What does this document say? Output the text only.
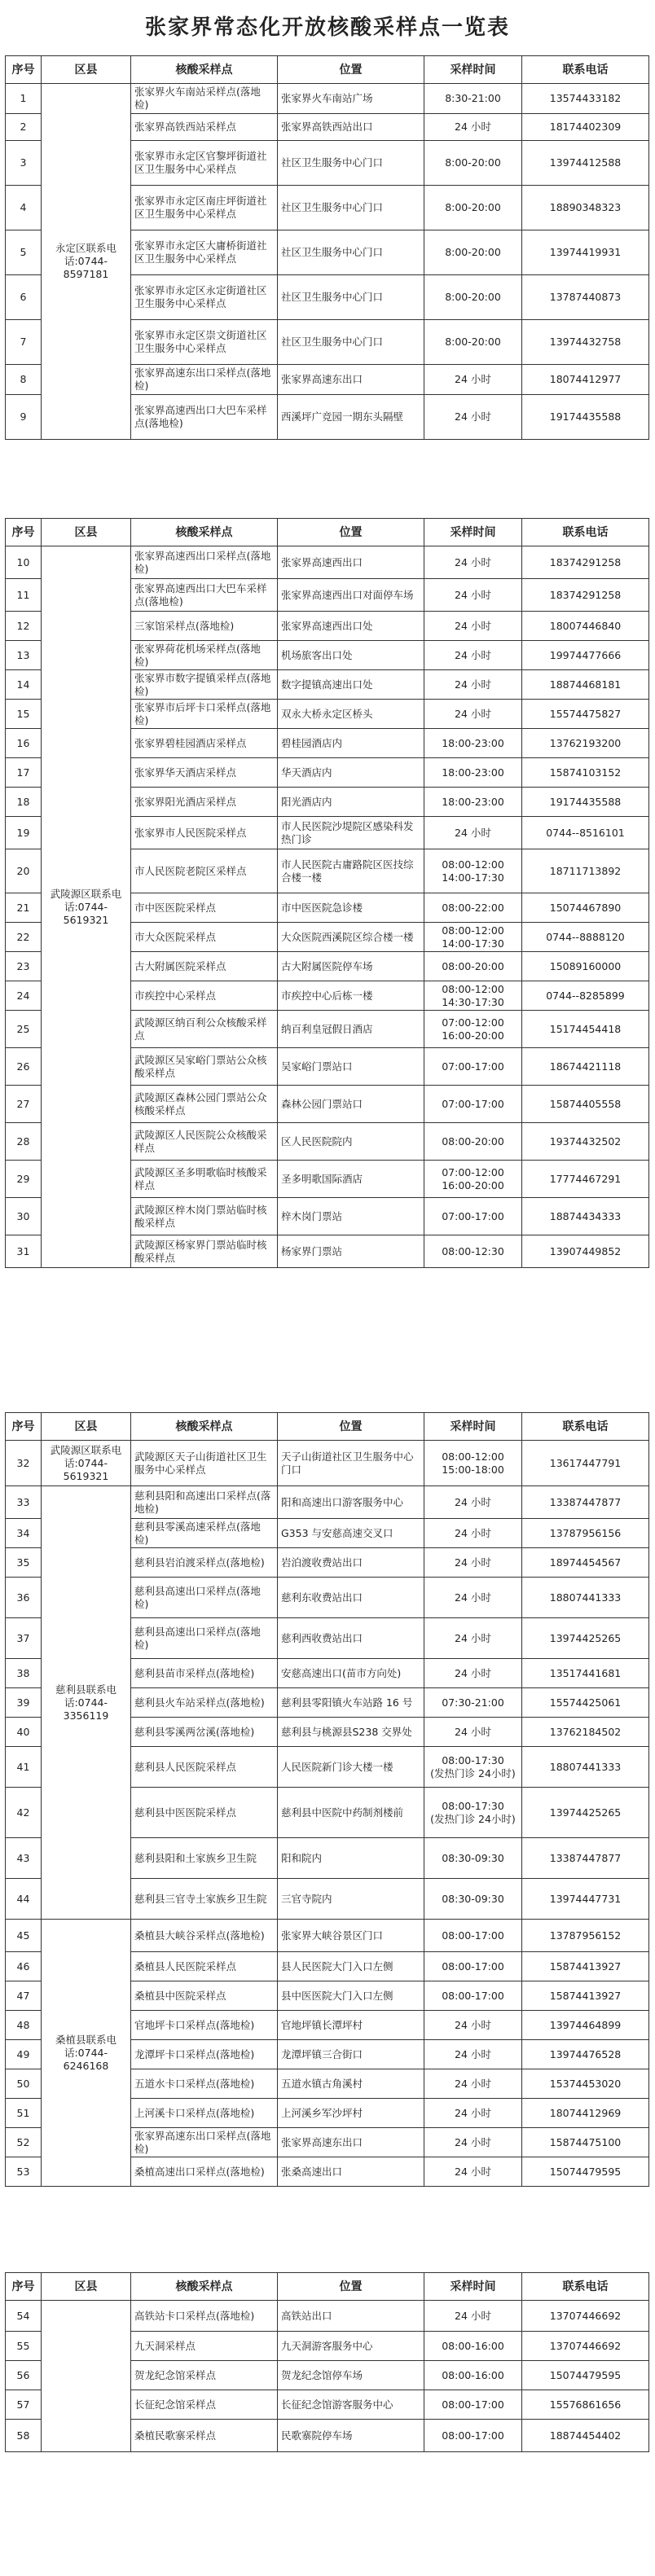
张家界常态化开放核酸采样点一览表
序号	区县	核酸采样点	位置	采样时间	联系电话
1	永定区联系电话:0744-8597181	张家界火车南站采样点(落地检)	张家界火车南站广场	8:30-21:00	13574433182
2		张家界高铁西站采样点	张家界高铁西站出口	24 小时	18174402309
3		张家界市永定区官黎坪街道社区卫生服务中心采样点	社区卫生服务中心门口	8:00-20:00	13974412588
4		张家界市永定区南庄坪街道社区卫生服务中心采样点	社区卫生服务中心门口	8:00-20:00	18890348323
5		张家界市永定区大庸桥街道社区卫生服务中心采样点	社区卫生服务中心门口	8:00-20:00	13974419931
6		张家界市永定区永定街道社区卫生服务中心采样点	社区卫生服务中心门口	8:00-20:00	13787440873
7		张家界市永定区崇文街道社区卫生服务中心采样点	社区卫生服务中心门口	8:00-20:00	13974432758
8		张家界高速东出口采样点(落地检)	张家界高速东出口	24 小时	18074412977
9		张家界高速西出口大巴车采样点(落地检)	西溪坪广竞园一期东头隔壁	24 小时	19174435588
序号	区县	核酸采样点	位置	采样时间	联系电话
10	武陵源区联系电话:0744-5619321	张家界高速西出口采样点(落地检)	张家界高速西出口	24 小时	18374291258
11		张家界高速西出口大巴车采样点(落地检)	张家界高速西出口对面停车场	24 小时	18374291258
12		三家馆采样点(落地检)	张家界高速西出口处	24 小时	18007446840
13		张家界荷花机场采样点(落地检)	机场旅客出口处	24 小时	19974477666
14		张家界市数字提镇采样点(落地检)	数字提镇高速出口处	24 小时	18874468181
15		张家界市后坪卡口采样点(落地检)	双永大桥永定区桥头	24 小时	15574475827
16		张家界碧桂园酒店采样点	碧桂园酒店内	18:00-23:00	13762193200
17		张家界华天酒店采样点	华天酒店内	18:00-23:00	15874103152
18		张家界阳光酒店采样点	阳光酒店内	18:00-23:00	19174435588
19		张家界市人民医院采样点	市人民医院沙堤院区感染科发热门诊	24 小时	0744--8516101
20		市人民医院老院区采样点	市人民医院古庸路院区医技综合楼一楼	08:00-12:00
14:00-17:30	18711713892
21		市中医医院采样点	市中医医院急诊楼	08:00-22:00	15074467890
22		市大众医院采样点	大众医院西溪院区综合楼一楼	08:00-12:00
14:00-17:30	0744--8888120
23		古大附属医院采样点	古大附属医院停车场	08:00-20:00	15089160000
24		市疾控中心采样点	市疾控中心后栋一楼	08:00-12:00
14:30-17:30	0744--8285899
25		武陵源区纳百利公众核酸采样点	纳百利皇冠假日酒店	07:00-12:00
16:00-20:00	15174454418
26		武陵源区吴家峪门票站公众核酸采样点	吴家峪门票站口	07:00-17:00	18674421118
27		武陵源区森林公园门票站公众核酸采样点	森林公园门票站口	07:00-17:00	15874405558
28		武陵源区人民医院公众核酸采样点	区人民医院院内	08:00-20:00	19374432502
29		武陵源区圣多明歌临时核酸采样点	圣多明歌国际酒店	07:00-12:00
16:00-20:00	17774467291
30		武陵源区梓木岗门票站临时核酸采样点	梓木岗门票站	07:00-17:00	18874434333
31		武陵源区杨家界门票站临时核酸采样点	杨家界门票站	08:00-12:30	13907449852
序号	区县	核酸采样点	位置	采样时间	联系电话
32	武陵源区联系电话:0744-5619321	武陵源区天子山街道社区卫生服务中心采样点	天子山街道社区卫生服务中心门口	08:00-12:00
15:00-18:00	13617447791
33	慈利县联系电话:0744-3356119	慈利县阳和高速出口采样点(落地检)	阳和高速出口游客服务中心	24 小时	13387447877
34		慈利县零溪高速采样点(落地检)	G353 与安慈高速交叉口	24 小时	13787956156
35		慈利县岩泊渡采样点(落地检)	岩泊渡收费站出口	24 小时	18974454567
36		慈利县高速出口采样点(落地检)	慈利东收费站出口	24 小时	18807441333
37		慈利县高速出口采样点(落地检)	慈利西收费站出口	24 小时	13974425265
38		慈利县苗市采样点(落地检)	安慈高速出口(苗市方向处)	24 小时	13517441681
39		慈利县火车站采样点(落地检)	慈利县零阳镇火车站路 16 号	07:30-21:00	15574425061
40		慈利县零溪两岔溪(落地检)	慈利县与桃源县S238 交界处	24 小时	13762184502
41		慈利县人民医院采样点	人民医院新门诊大楼一楼	08:00-17:30
(发热门诊 24小时)	18807441333
42		慈利县中医医院采样点	慈利县中医院中药制剂楼前	08:00-17:30
(发热门诊 24小时)	13974425265
43		慈利县阳和土家族乡卫生院	阳和院内	08:30-09:30	13387447877
44		慈利县三官寺土家族乡卫生院	三官寺院内	08:30-09:30	13974447731
45	桑植县联系电话:0744-6246168	桑植县大峡谷采样点(落地检)	张家界大峡谷景区门口	08:00-17:00	13787956152
46		桑植县人民医院采样点	县人民医院大门入口左侧	08:00-17:00	15874413927
47		桑植县中医院采样点	县中医医院大门入口左侧	08:00-17:00	15874413927
48		官地坪卡口采样点(落地检)	官地坪镇长潭坪村	24 小时	13974464899
49		龙潭坪卡口采样点(落地检)	龙潭坪镇三合街口	24 小时	13974476528
50		五道水卡口采样点(落地检)	五道水镇古角溪村	24 小时	15374453020
51		上河溪卡口采样点(落地检)	上河溪乡军沙坪村	24 小时	18074412969
52		张家界高速东出口采样点(落地检)	张家界高速东出口	24 小时	15874475100
53		桑植高速出口采样点(落地检)	张桑高速出口	24 小时	15074479595
序号	区县	核酸采样点	位置	采样时间	联系电话
54		高铁站卡口采样点(落地检)	高铁站出口	24 小时	13707446692
55		九天洞采样点	九天洞游客服务中心	08:00-16:00	13707446692
56		贺龙纪念馆采样点	贺龙纪念馆停车场	08:00-16:00	15074479595
57		长征纪念馆采样点	长征纪念馆游客服务中心	08:00-17:00	15576861656
58		桑植民歌寨采样点	民歌寨院停车场	08:00-17:00	18874454402
